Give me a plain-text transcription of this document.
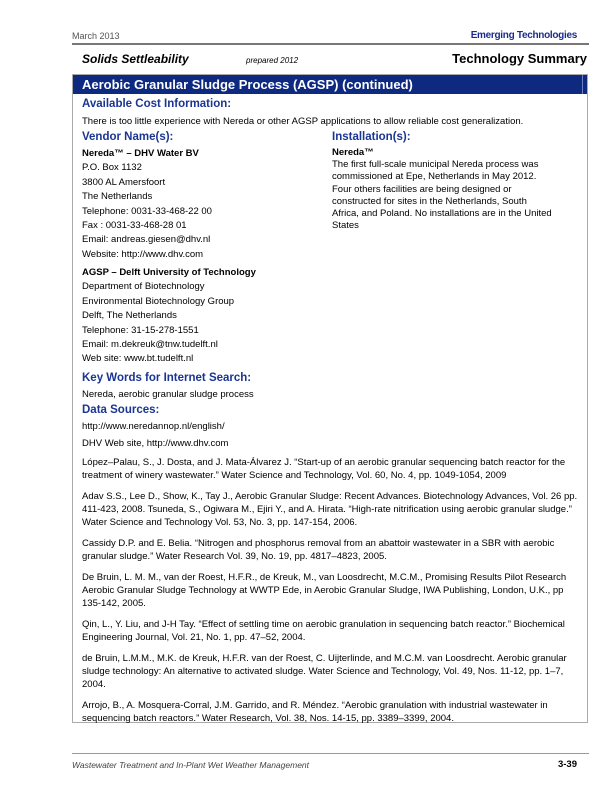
March 2013	Emerging Technologies
Solids Settleability	prepared 2012	Technology Summary
Aerobic Granular Sludge Process (AGSP) (continued)
Available Cost Information:
There is too little experience with Nereda or other AGSP applications to allow reliable cost generalization.
Vendor Name(s):
Nereda™ – DHV Water BV
P.O. Box 1132
3800 AL Amersfoort
The Netherlands
Telephone: 0031-33-468-22 00
Fax : 0031-33-468-28 01
Email: andreas.giesen@dhv.nl
Website: http://www.dhv.com
AGSP – Delft University of Technology
Department of Biotechnology
Environmental Biotechnology Group
Delft, The Netherlands
Telephone: 31-15-278-1551
Email: m.dekreuk@tnw.tudelft.nl
Web site: www.bt.tudelft.nl
Installation(s):
Nereda™
The first full-scale municipal Nereda process was
commissioned at Epe, Netherlands in May 2012.
Four others facilities are being designed or
constructed for sites in the Netherlands, South
Africa, and Poland. No installations are in the United
States
Key Words for Internet Search:
Nereda, aerobic granular sludge process
Data Sources:
http://www.neredannop.nl/english/
DHV Web site, http://www.dhv.com
López–Palau, S., J. Dosta, and J. Mata-Álvarez J. “Start-up of an aerobic granular sequencing batch reactor for the treatment of winery wastewater.” Water Science and Technology, Vol. 60, No. 4, pp. 1049-1054, 2009
Adav S.S., Lee D., Show, K., Tay J., Aerobic Granular Sludge: Recent Advances. Biotechnology Advances, Vol. 26 pp. 411-423, 2008. Tsuneda, S., Ogiwara M., Ejiri Y., and A. Hirata. “High-rate nitrification using aerobic granular sludge.” Water Science and Technology Vol. 53, No. 3, pp. 147-154, 2006.
Cassidy D.P. and E. Belia. “Nitrogen and phosphorus removal from an abattoir wastewater in a SBR with aerobic granular sludge.” Water Research Vol. 39, No. 19, pp. 4817–4823, 2005.
De Bruin, L. M. M., van der Roest, H.F.R., de Kreuk, M., van Loosdrecht, M.C.M., Promising Results Pilot Research Aerobic Granular Sludge Technology at WWTP Ede, in Aerobic Granular Sludge, IWA Publishing, London, U.K., pp 135-142, 2005.
Qin, L., Y. Liu, and J-H Tay. “Effect of settling time on aerobic granulation in sequencing batch reactor.” Biochemical Engineering Journal, Vol. 21, No. 1, pp. 47–52, 2004.
de Bruin, L.M.M., M.K. de Kreuk, H.F.R. van der Roest, C. Uijterlinde, and M.C.M. van Loosdrecht. Aerobic granular sludge technology: An alternative to activated sludge. Water Science and Technology, Vol. 49, Nos. 11-12, pp. 1–7, 2004.
Arrojo, B., A. Mosquera-Corral, J.M. Garrido, and R. Méndez. “Aerobic granulation with industrial wastewater in sequencing batch reactors.” Water Research, Vol. 38, Nos. 14-15, pp. 3389–3399, 2004.
Wastewater Treatment and In-Plant Wet Weather Management	3-39
